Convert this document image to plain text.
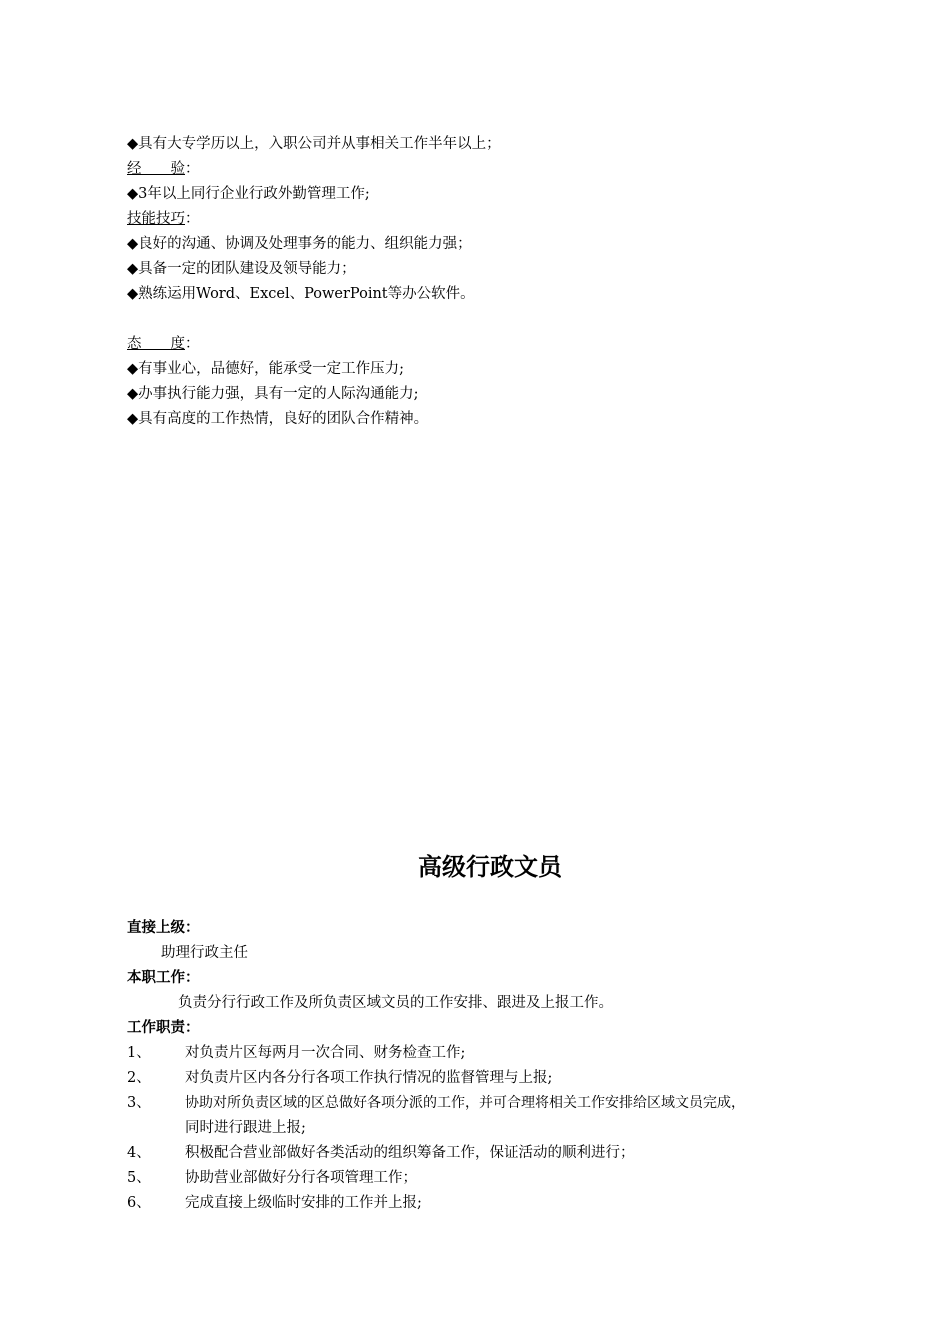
◆具有大专学历以上，入职公司并从事相关工作半年以上；
经　　验：
◆3年以上同行企业行政外勤管理工作;
技能技巧：
◆良好的沟通、协调及处理事务的能力、组织能力强；
◆具备一定的团队建设及领导能力；
◆熟练运用Word、Excel、PowerPoint等办公软件。
态　　度：
◆有事业心，品德好，能承受一定工作压力;
◆办事执行能力强，具有一定的人际沟通能力;
◆具有高度的工作热情，良好的团队合作精神。
高级行政文员
直接上级：
助理行政主任
本职工作：
负责分行行政工作及所负责区域文员的工作安排、跟进及上报工作。
工作职责：
1、 对负责片区每两月一次合同、财务检查工作;
2、 对负责片区内各分行各项工作执行情况的监督管理与上报;
3、 协助对所负责区域的区总做好各项分派的工作，并可合理将相关工作安排给区域文员完成，
同时进行跟进上报;
4、 积极配合营业部做好各类活动的组织筹备工作，保证活动的顺利进行；
5、 协助营业部做好分行各项管理工作；
6、 完成直接上级临时安排的工作并上报;
